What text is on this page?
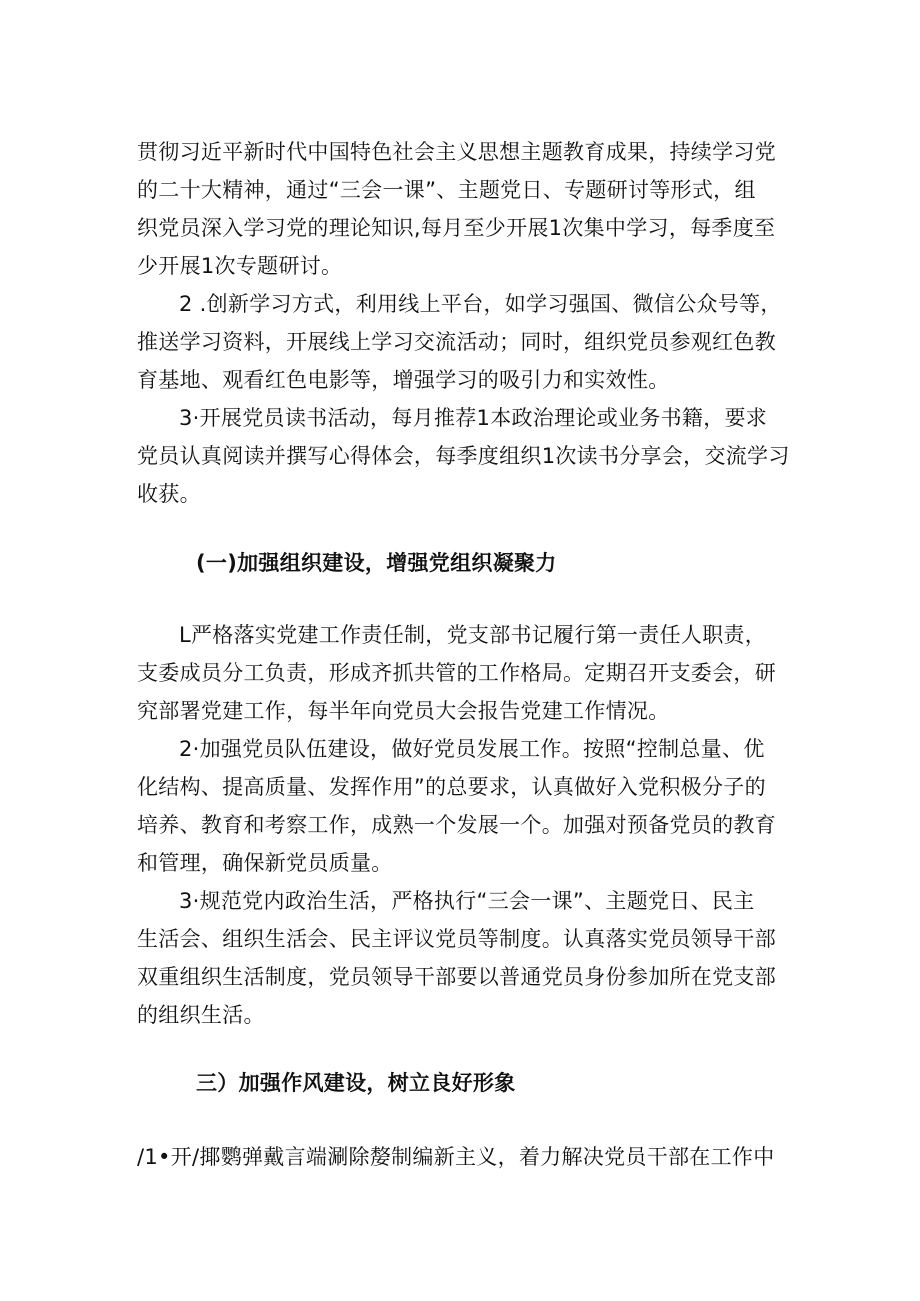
贯彻习近平新时代中国特色社会主义思想主题教育成果，持续学习党
的二十大精神，通过“三会一课”、主题党日、专题研讨等形式，组
织党员深入学习党的理论知识,每月至少开展1次集中学习，每季度至
少开展1次专题研讨。

2 .创新学习方式，利用线上平台，如学习强国、微信公众号等，
推送学习资料，开展线上学习交流活动；同时，组织党员参观红色教
育基地、观看红色电影等，增强学习的吸引力和实效性。

3·开展党员读书活动，每月推荐1本政治理论或业务书籍，要求
党员认真阅读并撰写心得体会，每季度组织1次读书分享会，交流学习
收获。

(一)加强组织建设，增强党组织凝聚力

L严格落实党建工作责任制，党支部书记履行第一责任人职责，
支委成员分工负责，形成齐抓共管的工作格局。定期召开支委会，研
究部署党建工作，每半年向党员大会报告党建工作情况。

2·加强党员队伍建设，做好党员发展工作。按照“控制总量、优
化结构、提高质量、发挥作用”的总要求，认真做好入党积极分子的
培养、教育和考察工作，成熟一个发展一个。加强对预备党员的教育
和管理，确保新党员质量。

3·规范党内政治生活，严格执行“三会一课”、主题党日、民主
生活会、组织生活会、民主评议党员等制度。认真落实党员领导干部
双重组织生活制度，党员领导干部要以普通党员身份参加所在党支部
的组织生活。

三）加强作风建设，树立良好形象

/1•开/揶鹦弹戴言端涮除嫠制编新主义，着力解决党员干部在工作中
